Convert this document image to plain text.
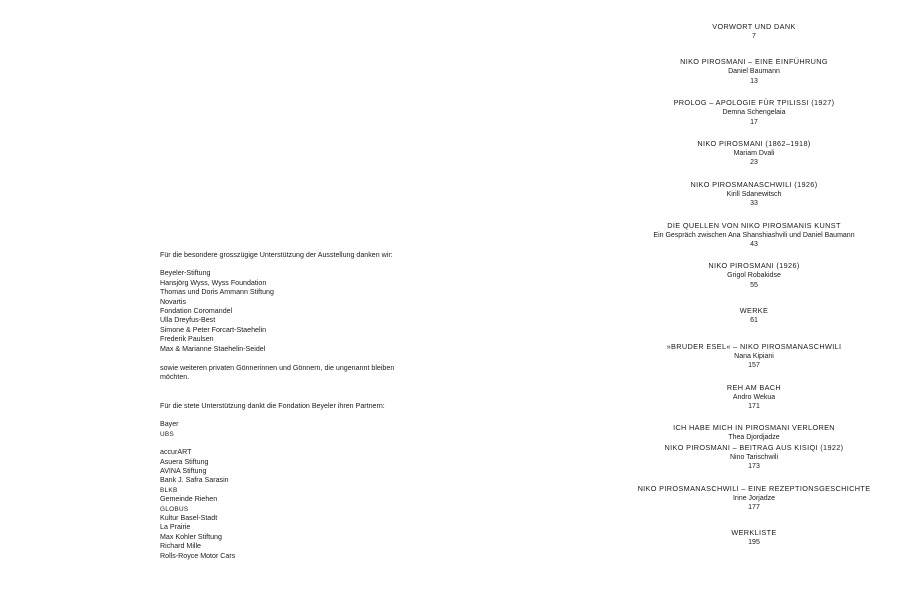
Für die besondere grosszügige Unterstützung der Ausstellung danken wir:
Beyeler-Stiftung
Hansjörg Wyss, Wyss Foundation
Thomas und Doris Ammann Stiftung
Novartis
Fondation Coromandel
Ulla Dreyfus-Best
Simone & Peter Forcart-Staehelin
Frederik Paulsen
Max & Marianne Staehelin-Seidel
sowie weiteren privaten Gönnerinnen und Gönnern, die ungenannt bleiben
möchten.
Für die stete Unterstützung dankt die Fondation Beyeler ihren Partnern:
Bayer
UBS
accurART
Asuera Stiftung
AVINA Stiftung
Bank J. Safra Sarasin
BLKB
Gemeinde Riehen
GLOBUS
Kultur Basel-Stadt
La Prairie
Max Kohler Stiftung
Richard Mille
Rolls-Royce Motor Cars
VORWORT UND DANK
7
NIKO PIROSMANI – EINE EINFÜHRUNG
Daniel Baumann
13
PROLOG – APOLOGIE FÜR TPILISSI (1927)
Demna Schengelaia
17
NIKO PIROSMANI (1862–1918)
Mariam Dvali
23
NIKO PIROSMANASCHWILI (1926)
Kirill Sdanewitsch
33
DIE QUELLEN VON NIKO PIROSMANIS KUNST
Ein Gespräch zwischen Ana Shanshiashvili und Daniel Baumann
43
NIKO PIROSMANI (1926)
Grigol Robakidse
55
WERKE
61
»BRUDER ESEL« – NIKO PIROSMANASCHWILI
Nana Kipiani
157
REH AM BACH
Andro Wekua
171
ICH HABE MICH IN PIROSMANI VERLOREN
Thea Djordjadze
NIKO PIROSMANI – BEITRAG AUS KISIQI (1922)
Nino Tarischwili
173
NIKO PIROSMANASCHWILI – EINE REZEPTIONSGESCHICHTE
Irine Jorjadze
177
WERKLISTE
195
